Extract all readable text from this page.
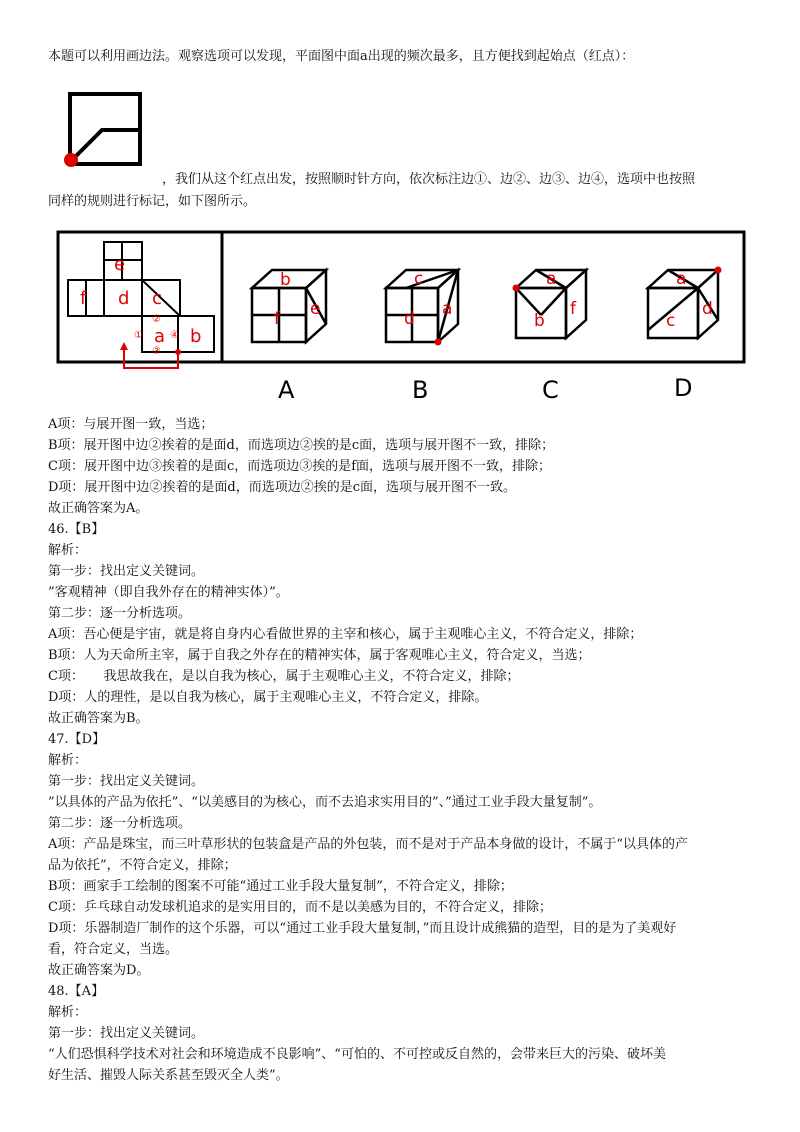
本题可以利用画边法。观察选项可以发现，平面图中面a出现的频次最多，且方便找到起始点（红点）：
，我们从这个红点出发，按照顺时针方向，依次标注边①、边②、边③、边④，选项中也按照
同样的规则进行标记，如下图所示。
e
f d c
a b
②
①	④
③
b
f e
c
d a
a
b
f
a
c
d
A	B	C	D
A项：与展开图一致，当选；
B项：展开图中边②挨着的是面d，而选项边②挨的是c面，选项与展开图不一致，排除；
C项：展开图中边③挨着的是面c，而选项边③挨的是f面，选项与展开图不一致，排除；
D项：展开图中边②挨着的是面d，而选项边②挨的是c面，选项与展开图不一致。
故正确答案为A。
46.【B】
解析：
第一步：找出定义关键词。
”客观精神（即自我外存在的精神实体）”。
第二步：逐一分析选项。
A项：吾心便是宇宙，就是将自身内心看做世界的主宰和核心，属于主观唯心主义，不符合定义，排除；
B项：人为天命所主宰，属于自我之外存在的精神实体，属于客观唯心主义，符合定义，当选；
C项：　　我思故我在，是以自我为核心，属于主观唯心主义，不符合定义，排除；
D项：人的理性，是以自我为核心，属于主观唯心主义，不符合定义，排除。
故正确答案为B。
47.【D】
解析：
第一步：找出定义关键词。
”以具体的产品为依托”、“以美感目的为核心，而不去追求实用目的”、”通过工业手段大量复制”。
第二步：逐一分析选项。
A项：产品是珠宝，而三叶草形状的包装盒是产品的外包装，而不是对于产品本身做的设计，不属于“以具体的产
品为依托”，不符合定义，排除；
B项：画家手工绘制的图案不可能“通过工业手段大量复制”，不符合定义，排除；
C项：乒乓球自动发球机追求的是实用目的，而不是以美感为目的，不符合定义，排除；
D项：乐器制造厂制作的这个乐器，可以“通过工业手段大量复制，”而且设计成熊猫的造型，目的是为了美观好
看，符合定义，当选。
故正确答案为D。
48.【A】
解析：
第一步：找出定义关键词。
“人们恐惧科学技术对社会和环境造成不良影响”、“可怕的、不可控或反自然的，会带来巨大的污染、破坏美
好生活、摧毁人际关系甚至毁灭全人类”。
